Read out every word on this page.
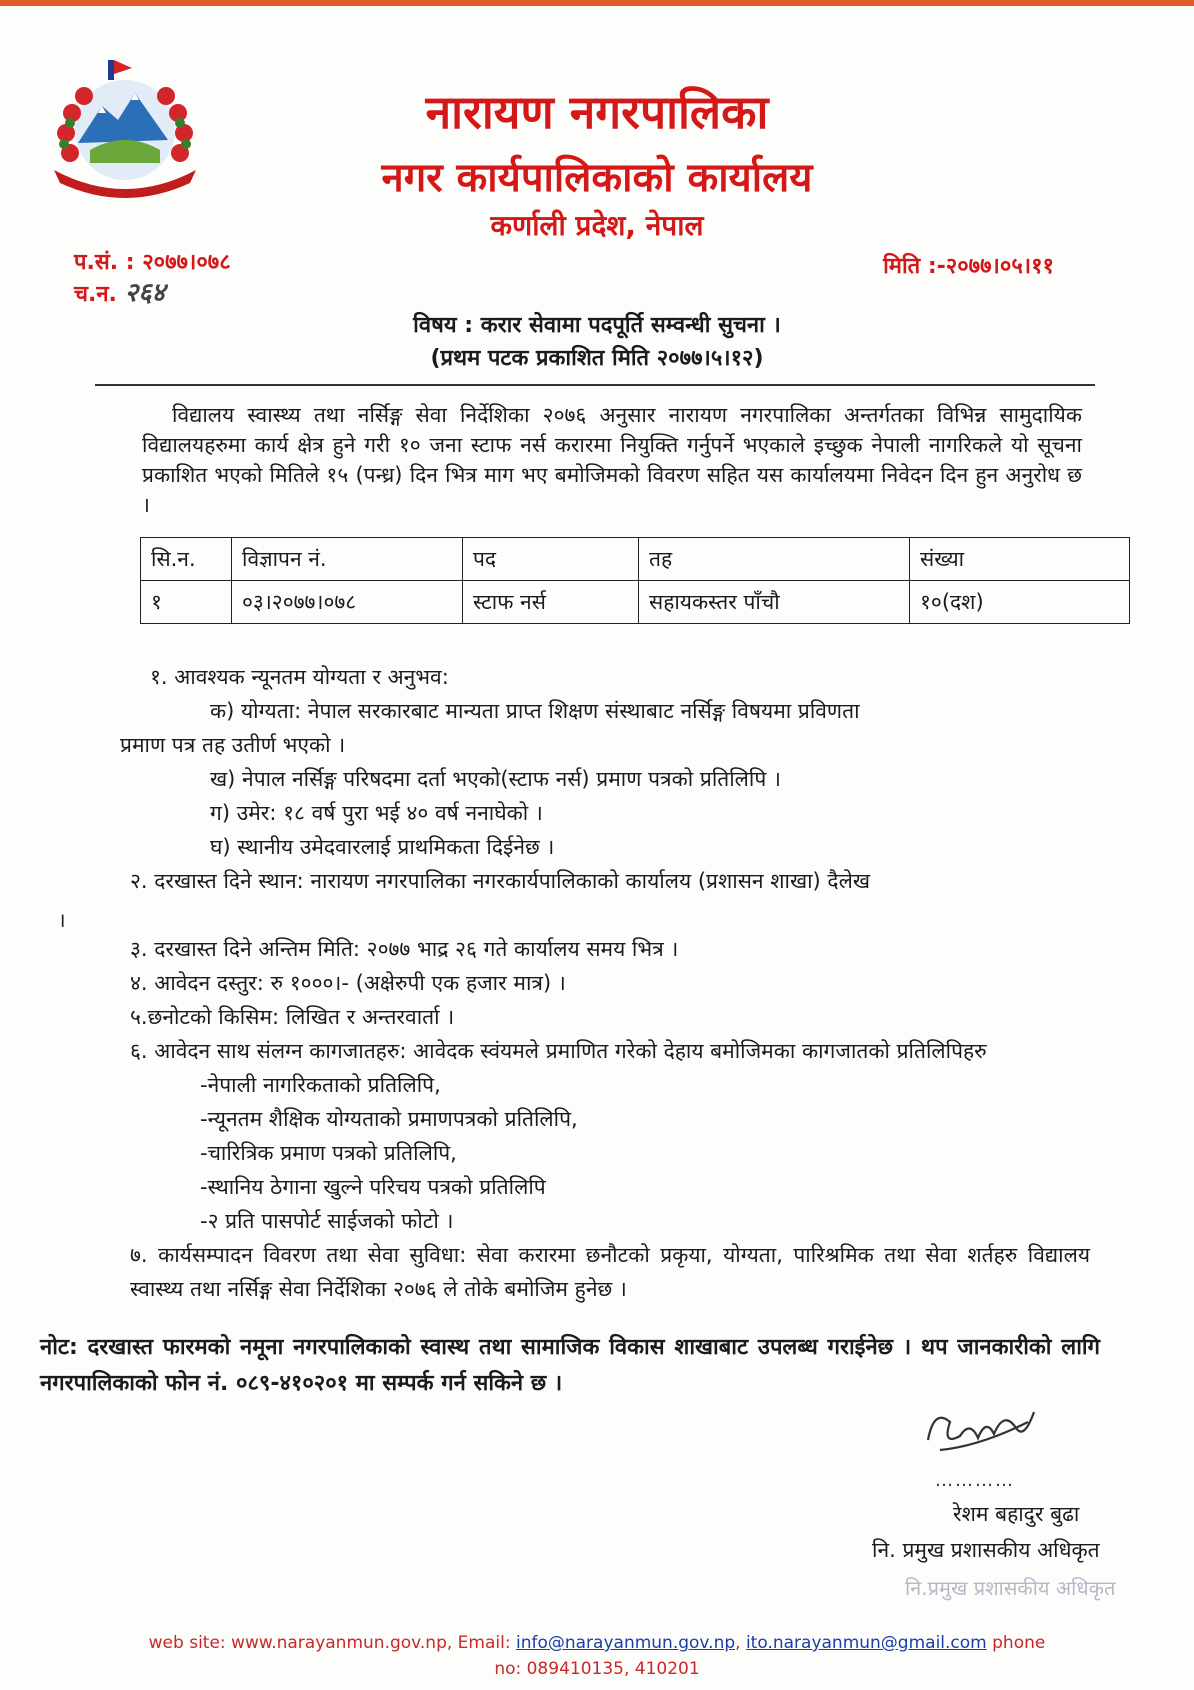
नारायण नगरपालिका
नगर कार्यपालिकाको कार्यालय
कर्णाली प्रदेश, नेपाल
प.सं. : २०७७।०७८
च.न. २६४
मिति :-२०७७।०५।११
विषय : करार सेवामा पदपूर्ति सम्वन्धी सुचना ।
(प्रथम पटक प्रकाशित मिति २०७७।५।१२)
विद्यालय स्वास्थ्य तथा नर्सिङ्ग सेवा निर्देशिका २०७६ अनुसार नारायण नगरपालिका अन्तर्गतका विभिन्न सामुदायिक विद्यालयहरुमा कार्य क्षेत्र हुने गरी १० जना स्टाफ नर्स करारमा नियुक्ति गर्नुपर्ने भएकाले इच्छुक नेपाली नागरिकले यो सूचना प्रकाशित भएको मितिले १५ (पन्ध्र) दिन भित्र माग भए बमोजिमको विवरण सहित यस कार्यालयमा निवेदन दिन हुन अनुरोध छ ।
सि.न.	विज्ञापन नं.	पद	तह	संख्या
१	०३।२०७७।०७८	स्टाफ नर्स	सहायकस्तर पाँचौ	१०(दश)

१. आवश्यक न्यूनतम योग्यता र अनुभव:

क) योग्यता: नेपाल सरकारबाट मान्यता प्राप्त शिक्षण संस्थाबाट नर्सिङ्ग विषयमा प्रविणता

प्रमाण पत्र तह उतीर्ण भएको ।

ख) नेपाल नर्सिङ्ग परिषदमा दर्ता भएको(स्टाफ नर्स) प्रमाण पत्रको प्रतिलिपि ।

ग) उमेर: १८ वर्ष पुरा भई ४० वर्ष ननाघेको ।

घ) स्थानीय उमेदवारलाई प्राथमिकता दिईनेछ ।

२. दरखास्त दिने स्थान: नारायण नगरपालिका नगरकार्यपालिकाको कार्यालय (प्रशासन शाखा) दैलेख

३. दरखास्त दिने अन्तिम मिति: २०७७ भाद्र २६ गते कार्यालय समय भित्र ।

४. आवेदन दस्तुर: रु १०००।- (अक्षेरुपी एक हजार मात्र) ।

५.छनोटको किसिम: लिखित र अन्तरवार्ता ।

६. आवेदन साथ संलग्न कागजातहरु: आवेदक स्वंयमले प्रमाणित गरेको देहाय बमोजिमका कागजातको प्रतिलिपिहरु

-नेपाली नागरिकताको प्रतिलिपि,

-न्यूनतम शैक्षिक योग्यताको प्रमाणपत्रको प्रतिलिपि,

-चारित्रिक प्रमाण पत्रको प्रतिलिपि,

-स्थानिय ठेगाना खुल्ने परिचय पत्रको प्रतिलिपि

-२ प्रति पासपोर्ट साईजको फोटो ।

७. कार्यसम्पादन विवरण तथा सेवा सुविधा: सेवा करारमा छनौटको प्रकृया, योग्यता, पारिश्रमिक तथा सेवा शर्तहरु विद्यालय स्वास्थ्य तथा नर्सिङ्ग सेवा निर्देशिका २०७६ ले तोके बमोजिम हुनेछ ।

।
नोट: दरखास्त फारमको नमूना नगरपालिकाको स्वास्थ तथा सामाजिक विकास शाखाबाट उपलब्ध गराईनेछ । थप जानकारीको लागि नगरपालिकाको फोन नं. ०८९-४१०२०१ मा सम्पर्क गर्न सकिने छ ।
…………
रेशम बहादुर बुढा
नि. प्रमुख प्रशासकीय अधिकृत
नि.प्रमुख प्रशासकीय अधिकृत
web site: www.narayanmun.gov.np, Email: info@narayanmun.gov.np, ito.narayanmun@gmail.com phone
no: 089410135, 410201
